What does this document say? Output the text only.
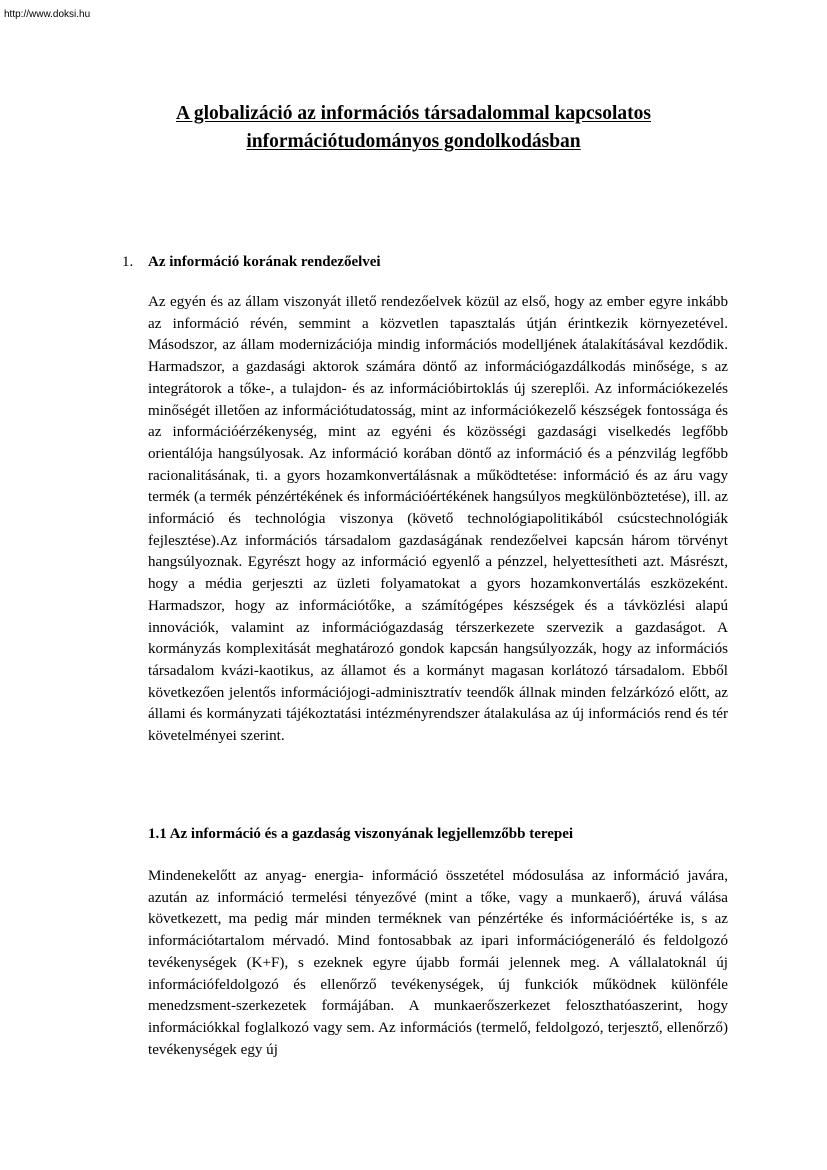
http://www.doksi.hu
A globalizáció az információs társadalommal kapcsolatos
információtudományos gondolkodásban
1. Az információ korának rendezőelvei

Az egyén és az állam viszonyát illető rendezőelvek közül az első, hogy az ember egyre inkább az információ révén, semmint a közvetlen tapasztalás útján érintkezik környezetével. Másodszor, az állam modernizációja mindig információs modelljének átalakításával kezdődik. Harmadszor, a gazdasági aktorok számára döntő az információgazdálkodás minősége, s az integrátorok a tőke-, a tulajdon- és az információbirtoklás új szereplői. Az információkezelés minőségét illetően az információtudatosság, mint az információkezelő készségek fontossága és az információérzékenység, mint az egyéni és közösségi gazdasági viselkedés legfőbb orientálója hangsúlyosak. Az információ korában döntő az információ és a pénzvilág legfőbb racionalitásának, ti. a gyors hozamkonvertálásnak a működtetése: információ és az áru vagy termék (a termék pénzértékének és információértékének hangsúlyos megkülönböztetése), ill. az információ és technológia viszonya (követő technológiapolitikából csúcstechnológiák fejlesztése).Az információs társadalom gazdaságának rendezőelvei kapcsán három törvényt hangsúlyoznak. Egyrészt hogy az információ egyenlő a pénzzel, helyettesítheti azt. Másrészt, hogy a média gerjeszti az üzleti folyamatokat a gyors hozamkonvertálás eszközeként. Harmadszor, hogy az információtőke, a számítógépes készségek és a távközlési alapú innovációk, valamint az információgazdaság térszerkezete szervezik a gazdaságot. A kormányzás komplexitását meghatározó gondok kapcsán hangsúlyozzák, hogy az információs társadalom kvázi-kaotikus, az államot és a kormányt magasan korlátozó társadalom. Ebből következően jelentős információjogi-adminisztratív teendők állnak minden felzárkózó előtt, az állami és kormányzati tájékoztatási intézményrendszer átalakulása az új információs rend és tér követelményei szerint.

1.1 Az információ és a gazdaság viszonyának legjellemzőbb terepei

Mindenekelőtt az anyag- energia- információ összetétel módosulása az információ javára, azután az információ termelési tényezővé (mint a tőke, vagy a munkaerő), áruvá válása következett, ma pedig már minden terméknek van pénzértéke és információértéke is, s az információtartalom mérvadó. Mind fontosabbak az ipari információgeneráló és feldolgozó tevékenységek (K+F), s ezeknek egyre újabb formái jelennek meg. A vállalatoknál új információfeldolgozó és ellenőrző tevékenységek, új funkciók működnek különféle menedzsment-szerkezetek formájában. A munkaerőszerkezet feloszthatóaszerint, hogy információkkal foglalkozó vagy sem. Az információs (termelő, feldolgozó, terjesztő, ellenőrző) tevékenységek egy új
